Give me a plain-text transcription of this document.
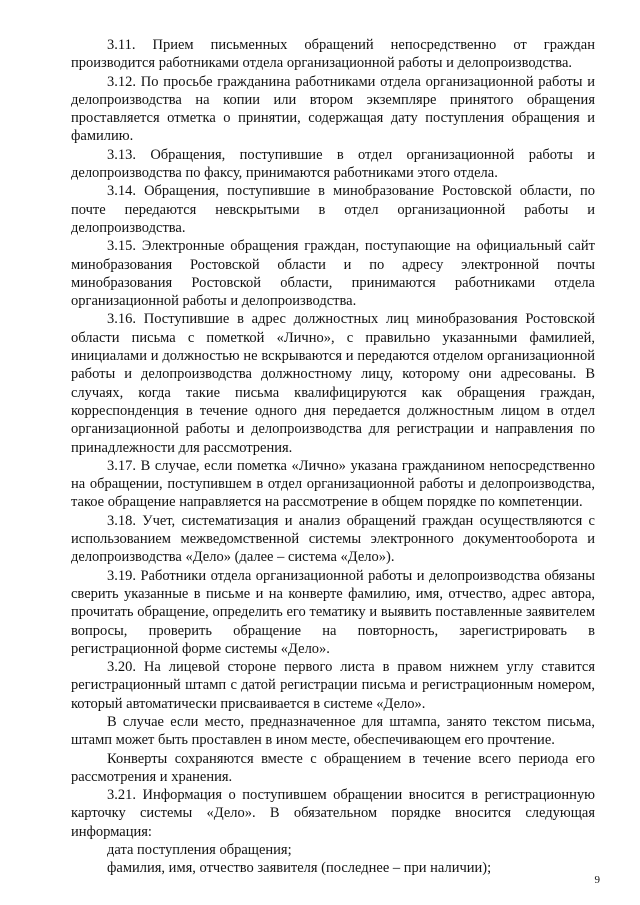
3.11. Прием письменных обращений непосредственно от граждан производится работниками отдела организационной работы и делопроизводства.

3.12. По просьбе гражданина работниками отдела организационной работы и делопроизводства на копии или втором экземпляре принятого обращения проставляется отметка о принятии, содержащая дату поступления обращения и фамилию.

3.13. Обращения, поступившие в отдел организационной работы и делопроизводства по факсу, принимаются работниками этого отдела.

3.14. Обращения, поступившие в минобразование Ростовской области, по почте передаются невскрытыми в отдел организационной работы и делопроизводства.

3.15. Электронные обращения граждан, поступающие на официальный сайт минобразования Ростовской области и по адресу электронной почты минобразования Ростовской области, принимаются работниками отдела организационной работы и делопроизводства.

3.16. Поступившие в адрес должностных лиц минобразования Ростовской области письма с пометкой «Лично», с правильно указанными фамилией, инициалами и должностью не вскрываются и передаются отделом организационной работы и делопроизводства должностному лицу, которому они адресованы. В случаях, когда такие письма квалифицируются как обращения граждан, корреспонденция в течение одного дня передается должностным лицом в отдел организационной работы и делопроизводства для регистрации и направления по принадлежности для рассмотрения.

3.17. В случае, если пометка «Лично» указана гражданином непосредственно на обращении, поступившем в отдел организационной работы и делопроизводства, такое обращение направляется на рассмотрение в общем порядке по компетенции.

3.18. Учет, систематизация и анализ обращений граждан осуществляются с использованием межведомственной системы электронного документооборота и делопроизводства «Дело» (далее – система «Дело»).

3.19. Работники отдела организационной работы и делопроизводства обязаны сверить указанные в письме и на конверте фамилию, имя, отчество, адрес автора, прочитать обращение, определить его тематику и выявить поставленные заявителем вопросы, проверить обращение на повторность, зарегистрировать в регистрационной форме системы «Дело».

3.20. На лицевой стороне первого листа в правом нижнем углу ставится регистрационный штамп с датой регистрации письма и регистрационным номером, который автоматически присваивается в системе «Дело».

В случае если место, предназначенное для штампа, занято текстом письма, штамп может быть проставлен в ином месте, обеспечивающем его прочтение.

Конверты сохраняются вместе с обращением в течение всего периода его рассмотрения и хранения.

3.21. Информация о поступившем обращении вносится в регистрационную карточку системы «Дело». В обязательном порядке вносится следующая информация:

дата поступления обращения;

фамилия, имя, отчество заявителя (последнее – при наличии);

9
